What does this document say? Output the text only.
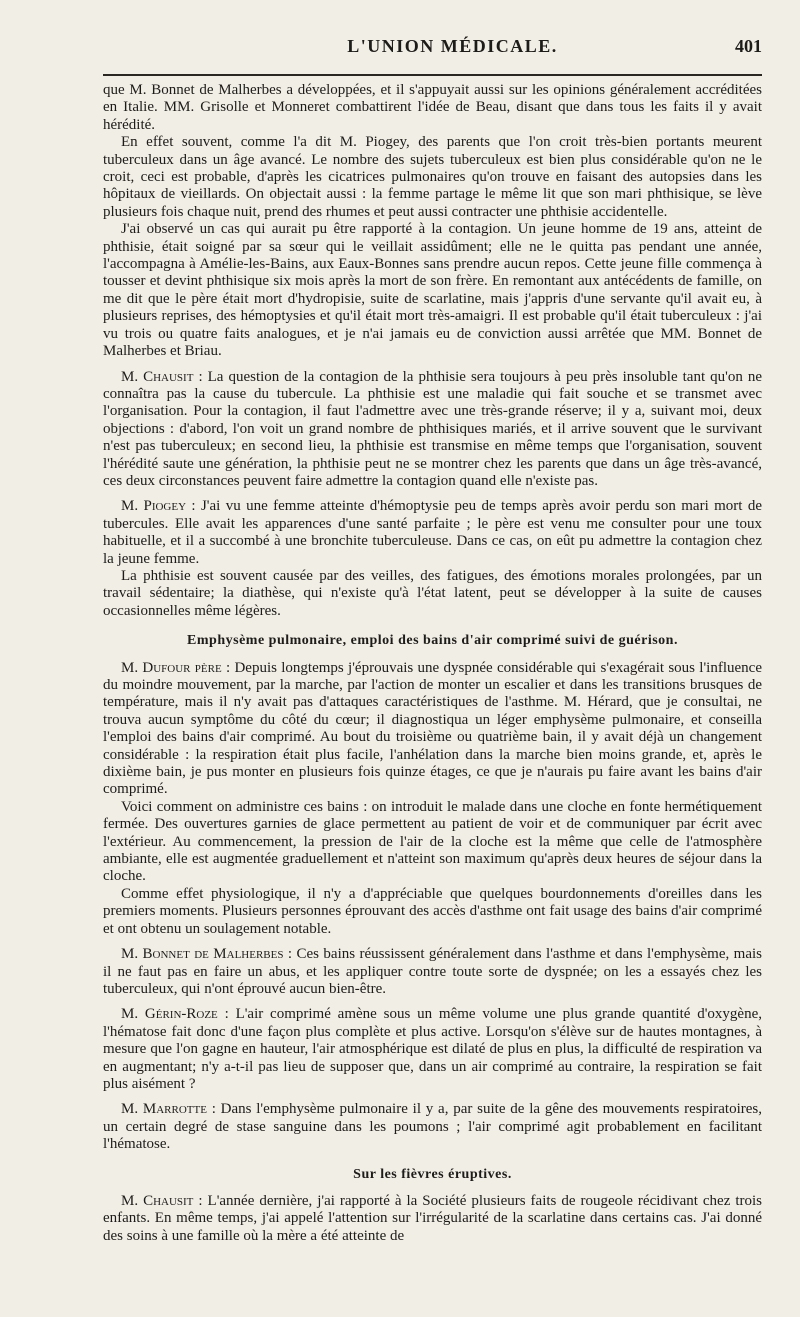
L'UNION MÉDICALE.	401

que M. Bonnet de Malherbes a développées, et il s'appuyait aussi sur les opinions généralement accréditées en Italie. MM. Grisolle et Monneret combattirent l'idée de Beau, disant que dans tous les faits il y avait hérédité.

En effet souvent, comme l'a dit M. Piogey, des parents que l'on croit très-bien portants meurent tuberculeux dans un âge avancé. Le nombre des sujets tuberculeux est bien plus considérable qu'on ne le croit, ceci est probable, d'après les cicatrices pulmonaires qu'on trouve en faisant des autopsies dans les hôpitaux de vieillards. On objectait aussi : la femme partage le même lit que son mari phthisique, se lève plusieurs fois chaque nuit, prend des rhumes et peut aussi contracter une phthisie accidentelle.

J'ai observé un cas qui aurait pu être rapporté à la contagion. Un jeune homme de 19 ans, atteint de phthisie, était soigné par sa sœur qui le veillait assidûment; elle ne le quitta pas pendant une année, l'accompagna à Amélie-les-Bains, aux Eaux-Bonnes sans prendre aucun repos. Cette jeune fille commença à tousser et devint phthisique six mois après la mort de son frère. En remontant aux antécédents de famille, on me dit que le père était mort d'hydropisie, suite de scarlatine, mais j'appris d'une servante qu'il avait eu, à plusieurs reprises, des hémoptysies et qu'il était mort très-amaigri. Il est probable qu'il était tuberculeux : j'ai vu trois ou quatre faits analogues, et je n'ai jamais eu de conviction aussi arrêtée que MM. Bonnet de Malherbes et Briau.

M. Chausit : La question de la contagion de la phthisie sera toujours à peu près insoluble tant qu'on ne connaîtra pas la cause du tubercule. La phthisie est une maladie qui fait souche et se transmet avec l'organisation. Pour la contagion, il faut l'admettre avec une très-grande réserve; il y a, suivant moi, deux objections : d'abord, l'on voit un grand nombre de phthisiques mariés, et il arrive souvent que le survivant n'est pas tuberculeux; en second lieu, la phthisie est transmise en même temps que l'organisation, souvent l'hérédité saute une génération, la phthisie peut ne se montrer chez les parents que dans un âge très-avancé, ces deux circonstances peuvent faire admettre la contagion quand elle n'existe pas.

M. Piogey : J'ai vu une femme atteinte d'hémoptysie peu de temps après avoir perdu son mari mort de tubercules. Elle avait les apparences d'une santé parfaite ; le père est venu me consulter pour une toux habituelle, et il a succombé à une bronchite tuberculeuse. Dans ce cas, on eût pu admettre la contagion chez la jeune femme.

La phthisie est souvent causée par des veilles, des fatigues, des émotions morales prolongées, par un travail sédentaire; la diathèse, qui n'existe qu'à l'état latent, peut se développer à la suite de causes occasionnelles même légères.

Emphysème pulmonaire, emploi des bains d'air comprimé suivi de guérison.

M. Dufour père : Depuis longtemps j'éprouvais une dyspnée considérable qui s'exagérait sous l'influence du moindre mouvement, par la marche, par l'action de monter un escalier et dans les transitions brusques de température, mais il n'y avait pas d'attaques caractéristiques de l'asthme. M. Hérard, que je consultai, ne trouva aucun symptôme du côté du cœur; il diagnostiqua un léger emphysème pulmonaire, et conseilla l'emploi des bains d'air comprimé. Au bout du troisième ou quatrième bain, il y avait déjà un changement considérable : la respiration était plus facile, l'anhélation dans la marche bien moins grande, et, après le dixième bain, je pus monter en plusieurs fois quinze étages, ce que je n'aurais pu faire avant les bains d'air comprimé.

Voici comment on administre ces bains : on introduit le malade dans une cloche en fonte hermétiquement fermée. Des ouvertures garnies de glace permettent au patient de voir et de communiquer par écrit avec l'extérieur. Au commencement, la pression de l'air de la cloche est la même que celle de l'atmosphère ambiante, elle est augmentée graduellement et n'atteint son maximum qu'après deux heures de séjour dans la cloche.

Comme effet physiologique, il n'y a d'appréciable que quelques bourdonnements d'oreilles dans les premiers moments. Plusieurs personnes éprouvant des accès d'asthme ont fait usage des bains d'air comprimé et ont obtenu un soulagement notable.

M. Bonnet de Malherbes : Ces bains réussissent généralement dans l'asthme et dans l'emphysème, mais il ne faut pas en faire un abus, et les appliquer contre toute sorte de dyspnée; on les a essayés chez les tuberculeux, qui n'ont éprouvé aucun bien-être.

M. Gérin-Roze : L'air comprimé amène sous un même volume une plus grande quantité d'oxygène, l'hématose fait donc d'une façon plus complète et plus active. Lorsqu'on s'élève sur de hautes montagnes, à mesure que l'on gagne en hauteur, l'air atmosphérique est dilaté de plus en plus, la difficulté de respiration va en augmentant; n'y a-t-il pas lieu de supposer que, dans un air comprimé au contraire, la respiration se fait plus aisément ?

M. Marrotte : Dans l'emphysème pulmonaire il y a, par suite de la gêne des mouvements respiratoires, un certain degré de stase sanguine dans les poumons ; l'air comprimé agit probablement en facilitant l'hématose.

Sur les fièvres éruptives.

M. Chausit : L'année dernière, j'ai rapporté à la Société plusieurs faits de rougeole récidivant chez trois enfants. En même temps, j'ai appelé l'attention sur l'irrégularité de la scarlatine dans certains cas. J'ai donné des soins à une famille où la mère a été atteinte de
